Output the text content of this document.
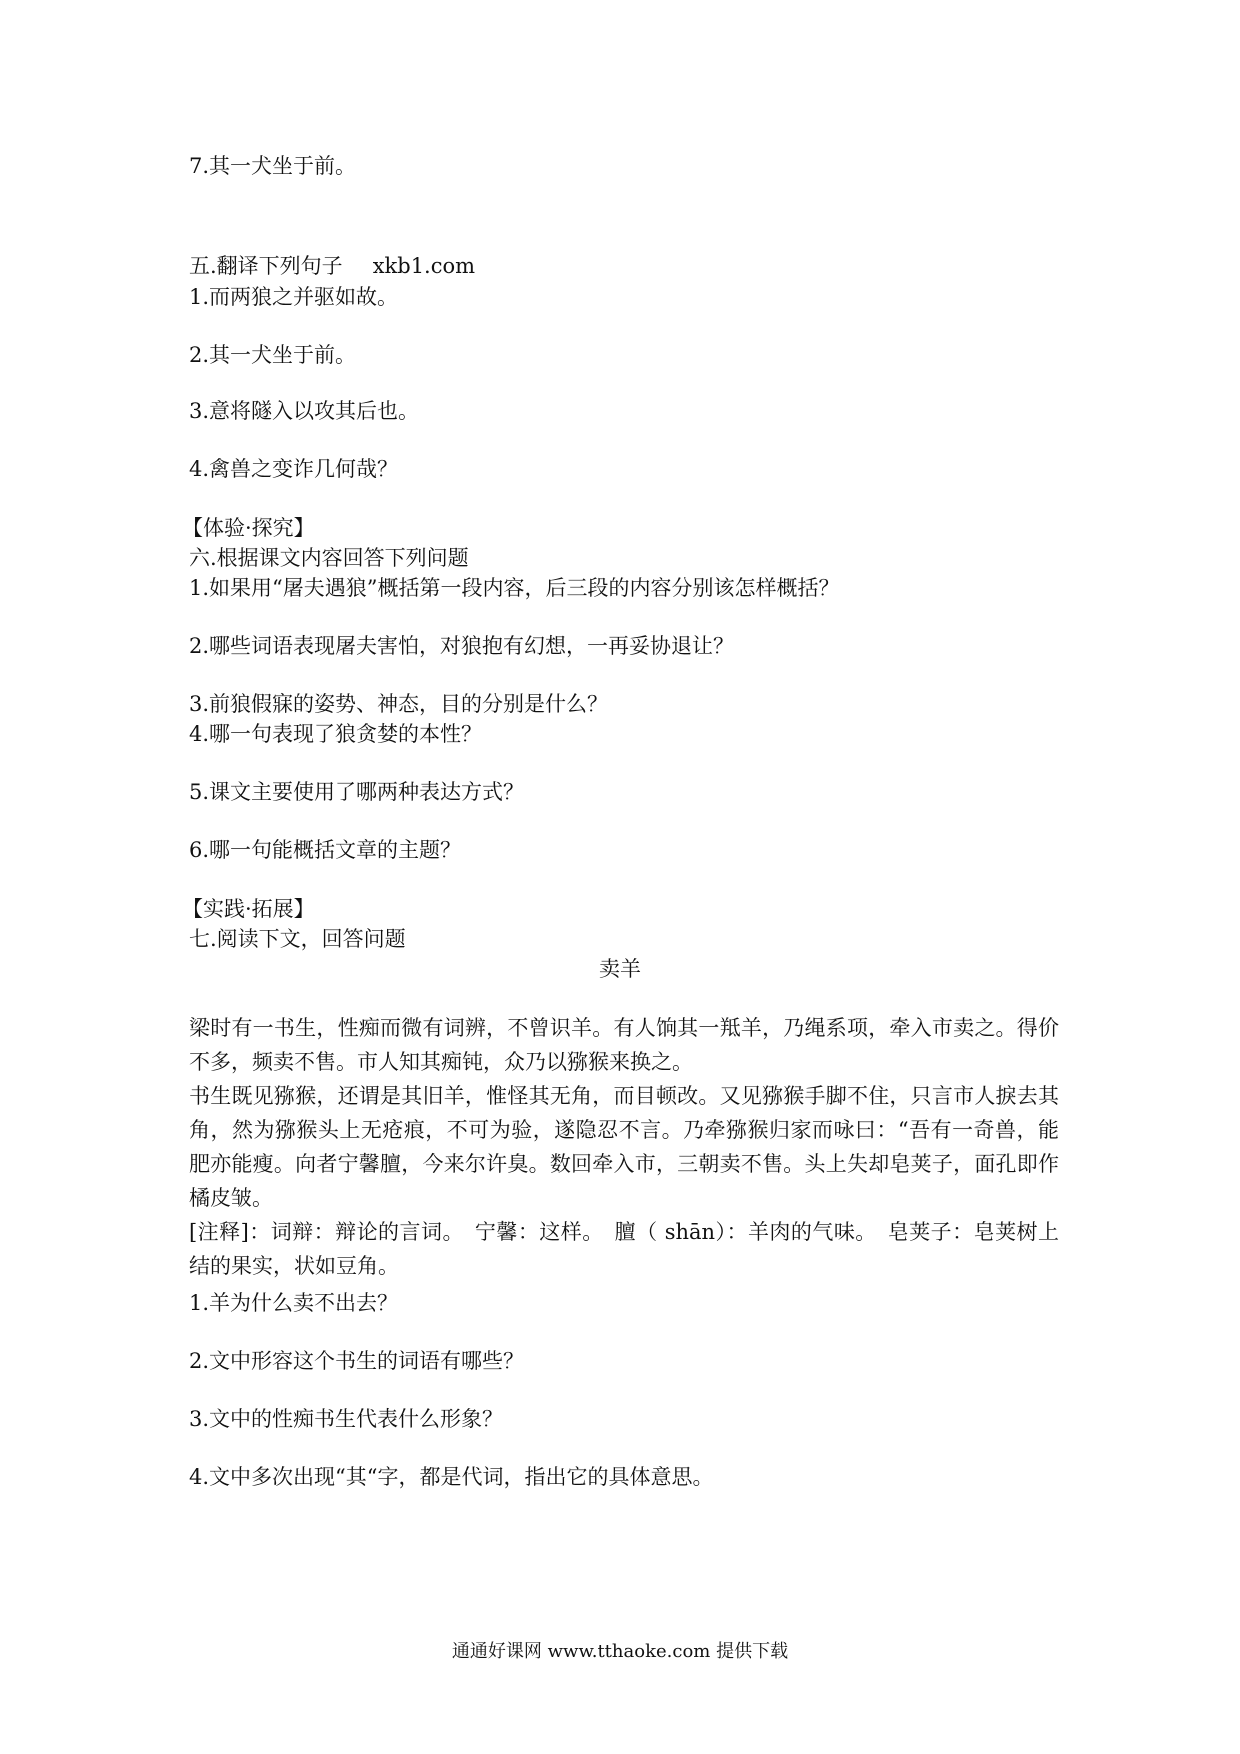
7.其一犬坐于前。
五.翻译下列句子 xkb1.com
1.而两狼之并驱如故。
2.其一犬坐于前。
3.意将隧入以攻其后也。
4.禽兽之变诈几何哉？
【体验·探究】
六.根据课文内容回答下列问题
1.如果用“屠夫遇狼”概括第一段内容，后三段的内容分别该怎样概括？
2.哪些词语表现屠夫害怕，对狼抱有幻想，一再妥协退让？
3.前狼假寐的姿势、神态，目的分别是什么？
4.哪一句表现了狼贪婪的本性？
5.课文主要使用了哪两种表达方式？
6.哪一句能概括文章的主题？
【实践·拓展】
七.阅读下文，回答问题
卖羊
梁时有一书生，性痴而微有词辨，不曾识羊。有人饷其一羝羊，乃绳系项，牵入市卖之。得价不多，频卖不售。市人知其痴钝，众乃以猕猴来换之。
书生既见猕猴，还谓是其旧羊，惟怪其无角，而目顿改。又见猕猴手脚不住，只言市人捩去其角，然为猕猴头上无疮痕，不可为验，遂隐忍不言。乃牵猕猴归家而咏曰：“吾有一奇兽，能肥亦能瘦。向者宁馨膻，今来尔许臭。数回牵入市，三朝卖不售。头上失却皂荚子，面孔即作橘皮皱。
[注释]：词辩：辩论的言词。　宁馨：这样。　膻（ shān）：羊肉的气味。　皂荚子：皂荚树上结的果实，状如豆角。
1.羊为什么卖不出去？
2.文中形容这个书生的词语有哪些？
3.文中的性痴书生代表什么形象？
4.文中多次出现“其“字，都是代词，指出它的具体意思。
通通好课网 www.tthaoke.com 提供下载
